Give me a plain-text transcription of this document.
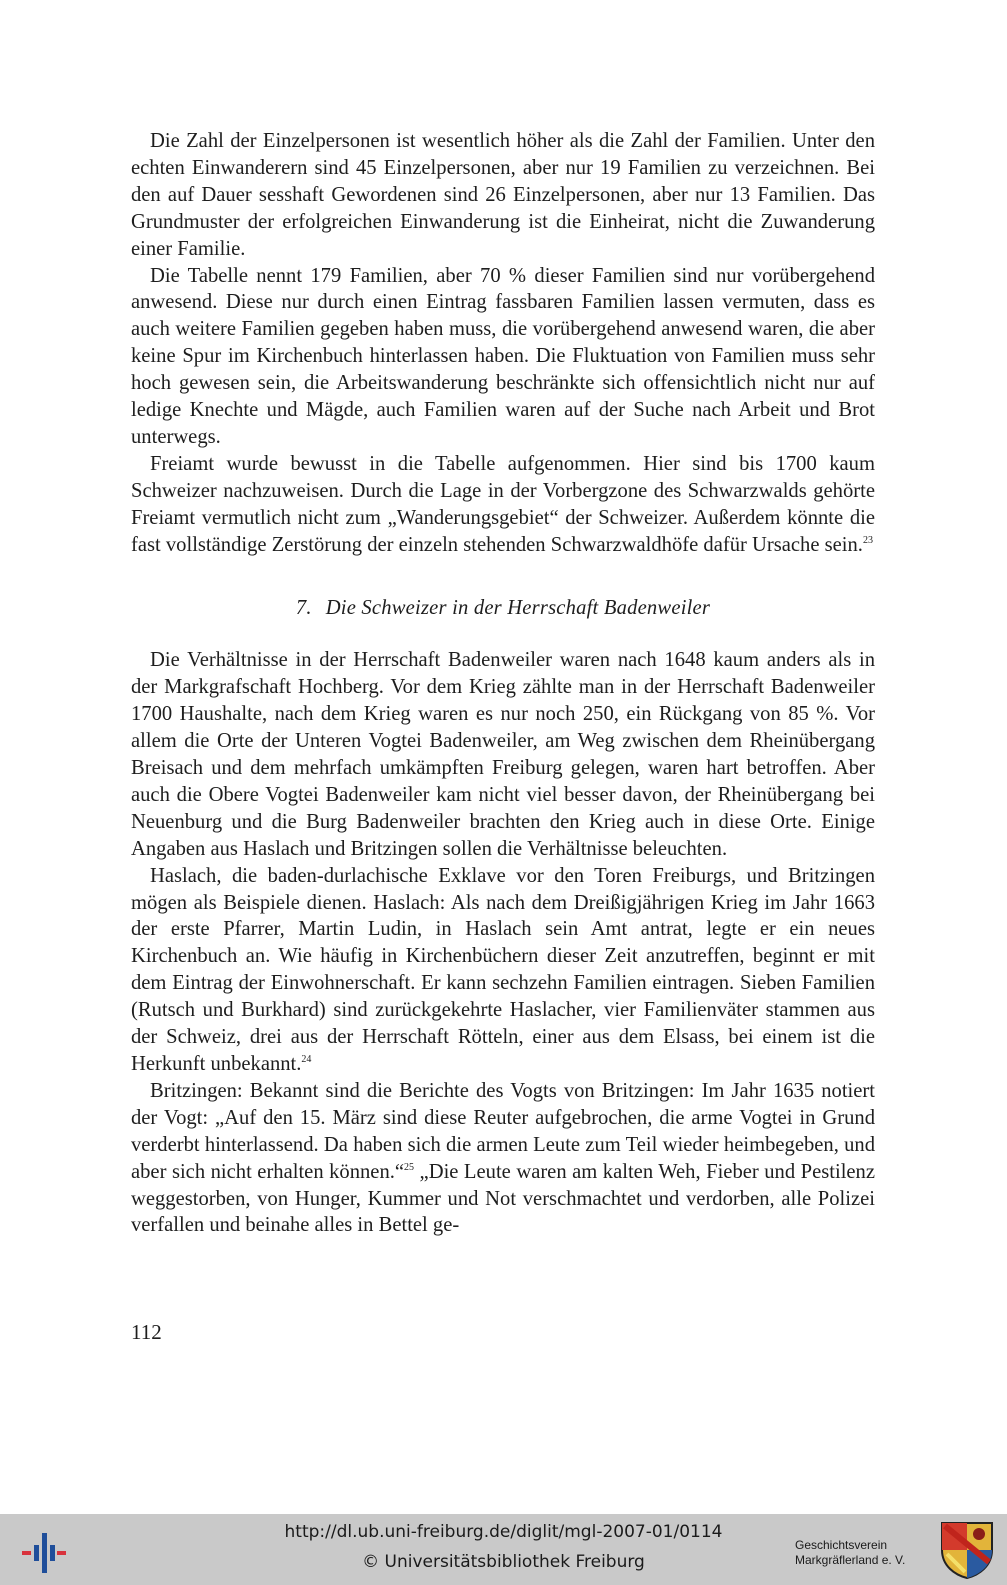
Die Zahl der Einzelpersonen ist wesentlich höher als die Zahl der Familien. Unter den echten Einwanderern sind 45 Einzelpersonen, aber nur 19 Familien zu verzeichnen. Bei den auf Dauer sesshaft Gewordenen sind 26 Einzelpersonen, aber nur 13 Familien. Das Grundmuster der erfolgreichen Einwanderung ist die Einheirat, nicht die Zuwanderung einer Familie.

Die Tabelle nennt 179 Familien, aber 70 % dieser Familien sind nur vorübergehend anwesend. Diese nur durch einen Eintrag fassbaren Familien lassen vermuten, dass es auch weitere Familien gegeben haben muss, die vorübergehend anwesend waren, die aber keine Spur im Kirchenbuch hinterlassen haben. Die Fluktuation von Familien muss sehr hoch gewesen sein, die Arbeitswanderung beschränkte sich offensichtlich nicht nur auf ledige Knechte und Mägde, auch Familien waren auf der Suche nach Arbeit und Brot unterwegs.

Freiamt wurde bewusst in die Tabelle aufgenommen. Hier sind bis 1700 kaum Schweizer nachzuweisen. Durch die Lage in der Vorbergzone des Schwarzwalds gehörte Freiamt vermutlich nicht zum „Wanderungsgebiet“ der Schweizer. Außerdem könnte die fast vollständige Zerstörung der einzeln stehenden Schwarzwaldhöfe dafür Ursache sein.$^{23}$

7. Die Schweizer in der Herrschaft Badenweiler

Die Verhältnisse in der Herrschaft Badenweiler waren nach 1648 kaum anders als in der Markgrafschaft Hochberg. Vor dem Krieg zählte man in der Herrschaft Badenweiler 1700 Haushalte, nach dem Krieg waren es nur noch 250, ein Rückgang von 85 %. Vor allem die Orte der Unteren Vogtei Badenweiler, am Weg zwischen dem Rheinübergang Breisach und dem mehrfach umkämpften Freiburg gelegen, waren hart betroffen. Aber auch die Obere Vogtei Badenweiler kam nicht viel besser davon, der Rheinübergang bei Neuenburg und die Burg Badenweiler brachten den Krieg auch in diese Orte. Einige Angaben aus Haslach und Britzingen sollen die Verhältnisse beleuchten.

Haslach, die baden-durlachische Exklave vor den Toren Freiburgs, und Britzingen mögen als Beispiele dienen. Haslach: Als nach dem Dreißigjährigen Krieg im Jahr 1663 der erste Pfarrer, Martin Ludin, in Haslach sein Amt antrat, legte er ein neues Kirchenbuch an. Wie häufig in Kirchenbüchern dieser Zeit anzutreffen, beginnt er mit dem Eintrag der Einwohnerschaft. Er kann sechzehn Familien eintragen. Sieben Familien (Rutsch und Burkhard) sind zurückgekehrte Haslacher, vier Familienväter stammen aus der Schweiz, drei aus der Herrschaft Rötteln, einer aus dem Elsass, bei einem ist die Herkunft unbekannt.$^{24}$

Britzingen: Bekannt sind die Berichte des Vogts von Britzingen: Im Jahr 1635 notiert der Vogt: „Auf den 15. März sind diese Reuter aufgebrochen, die arme Vogtei in Grund verderbt hinterlassend. Da haben sich die armen Leute zum Teil wieder heimbegeben, und aber sich nicht erhalten können.“$^{25}$ „Die Leute waren am kalten Weh, Fieber und Pestilenz weggestorben, von Hunger, Kummer und Not verschmachtet und verdorben, alle Polizei verfallen und beinahe alles in Bettel ge-

112
http://dl.ub.uni-freiburg.de/diglit/mgl-2007-01/0114
© Universitätsbibliothek Freiburg
Geschichtsverein
Markgräflerland e. V.
